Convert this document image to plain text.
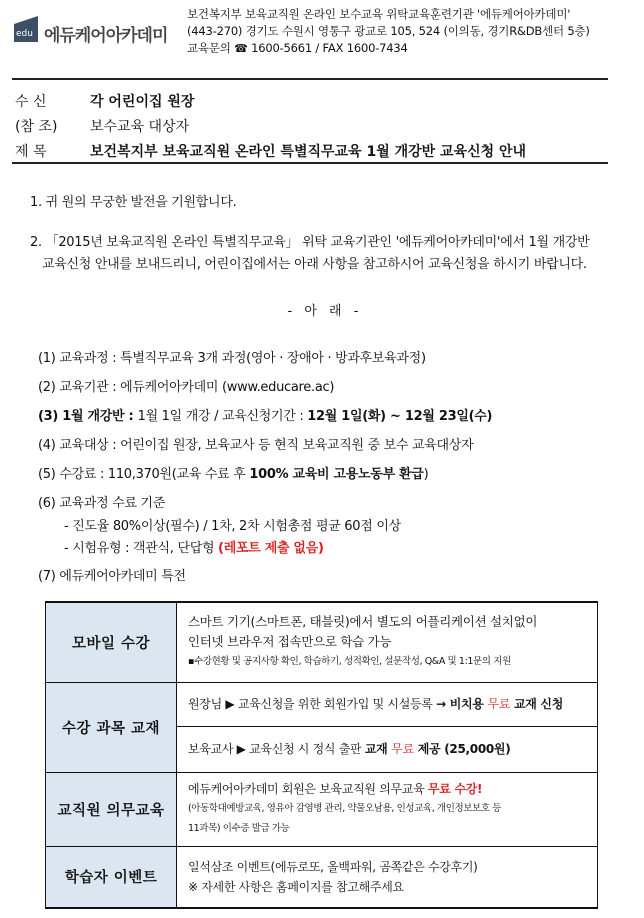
edu 에듀케어아카데미
보건복지부 보육교직원 온라인 보수교육 위탁교육훈련기관 '에듀케어아카데미'
(443-270) 경기도 수원시 영통구 광교로 105, 524 (이의동, 경기R&DB센터 5층)
교육문의 ☎ 1600-5661 / FAX 1600-7434
수 신	각 어린이집 원장
(참 조)	보수교육 대상자
제 목	보건복지부 보육교직원 온라인 특별직무교육 1월 개강반 교육신청 안내
1. 귀 원의 무궁한 발전을 기원합니다.
2. 「2015년 보육교직원 온라인 특별직무교육」 위탁 교육기관인 '에듀케어아카데미'에서 1월 개강반
교육신청 안내를 보내드리니, 어린이집에서는 아래 사항을 참고하시어 교육신청을 하시기 바랍니다.
- 아 래 -
(1) 교육과정 : 특별직무교육 3개 과정(영아 · 장애아 · 방과후보육과정)
(2) 교육기관 : 에듀케어아카데미 (www.educare.ac)
(3) 1월 개강반 : 1월 1일 개강 / 교육신청기간 : 12월 1일(화) ~ 12월 23일(수)
(4) 교육대상 : 어린이집 원장, 보육교사 등 현직 보육교직원 중 보수 교육대상자
(5) 수강료 : 110,370원(교육 수료 후 100% 교육비 고용노동부 환급)
(6) 교육과정 수료 기준
- 진도율 80%이상(필수) / 1차, 2차 시험총점 평균 60점 이상
- 시험유형 : 객관식, 단답형 (레포트 제출 없음)
(7) 에듀케어아카데미 특전
모바일 수강	스마트 기기(스마트폰, 태블릿)에서 별도의 어플리케이션 설치없이
인터넷 브라우저 접속만으로 학습 가능
▪수강현황 및 공지사항 확인, 학습하기, 성적확인, 설문작성, Q&A 및 1:1문의 지원

수강 과목 교재	원장님 ▶ 교육신청을 위한 회원가입 및 시설등록 → 비치용 무료 교재 신청
	보육교사 ▶ 교육신청 시 정식 출판 교재 무료 제공 (25,000원)
교직원 의무교육	에듀케어아카데미 회원은 보육교직원 의무교육 무료 수강!
(아동학대예방교육, 영유아 감염병 관리, 약물오남용, 인성교육, 개인정보보호 등
11과목) 이수증 발급 가능

학습자 이벤트	일석삼조 이벤트(에듀로또, 올백파워, 곰쪽같은 수강후기)
※ 자세한 사항은 홈페이지를 참고해주세요
